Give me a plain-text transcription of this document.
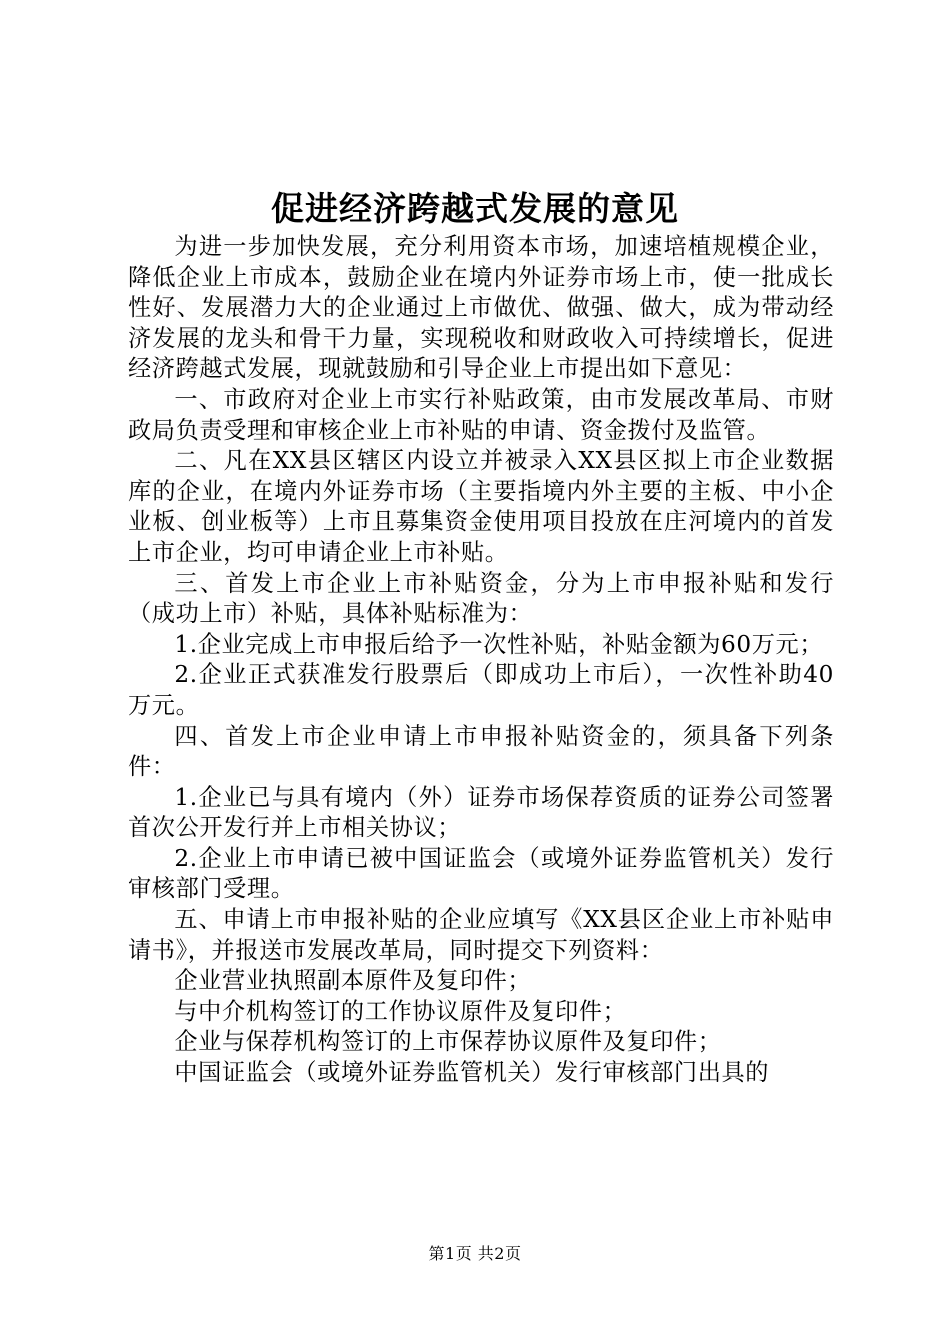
促进经济跨越式发展的意见

为进一步加快发展，充分利用资本市场，加速培植规模企业，降低企业上市成本，鼓励企业在境内外证券市场上市，使一批成长性好、发展潜力大的企业通过上市做优、做强、做大，成为带动经济发展的龙头和骨干力量，实现税收和财政收入可持续增长，促进经济跨越式发展，现就鼓励和引导企业上市提出如下意见：

一、市政府对企业上市实行补贴政策，由市发展改革局、市财政局负责受理和审核企业上市补贴的申请、资金拨付及监管。

二、凡在XX县区辖区内设立并被录入XX县区拟上市企业数据库的企业，在境内外证券市场（主要指境内外主要的主板、中小企业板、创业板等）上市且募集资金使用项目投放在庄河境内的首发上市企业，均可申请企业上市补贴。

三、首发上市企业上市补贴资金，分为上市申报补贴和发行（成功上市）补贴，具体补贴标准为：

1.企业完成上市申报后给予一次性补贴，补贴金额为60万元；

2.企业正式获准发行股票后（即成功上市后），一次性补助40万元。

四、首发上市企业申请上市申报补贴资金的，须具备下列条件：

1.企业已与具有境内（外）证券市场保荐资质的证券公司签署首次公开发行并上市相关协议；

2.企业上市申请已被中国证监会（或境外证券监管机关）发行审核部门受理。

五、申请上市申报补贴的企业应填写《XX县区企业上市补贴申请书》，并报送市发展改革局，同时提交下列资料：

企业营业执照副本原件及复印件；

与中介机构签订的工作协议原件及复印件；

企业与保荐机构签订的上市保荐协议原件及复印件；

中国证监会（或境外证券监管机关）发行审核部门出具的

第1页 共2页
